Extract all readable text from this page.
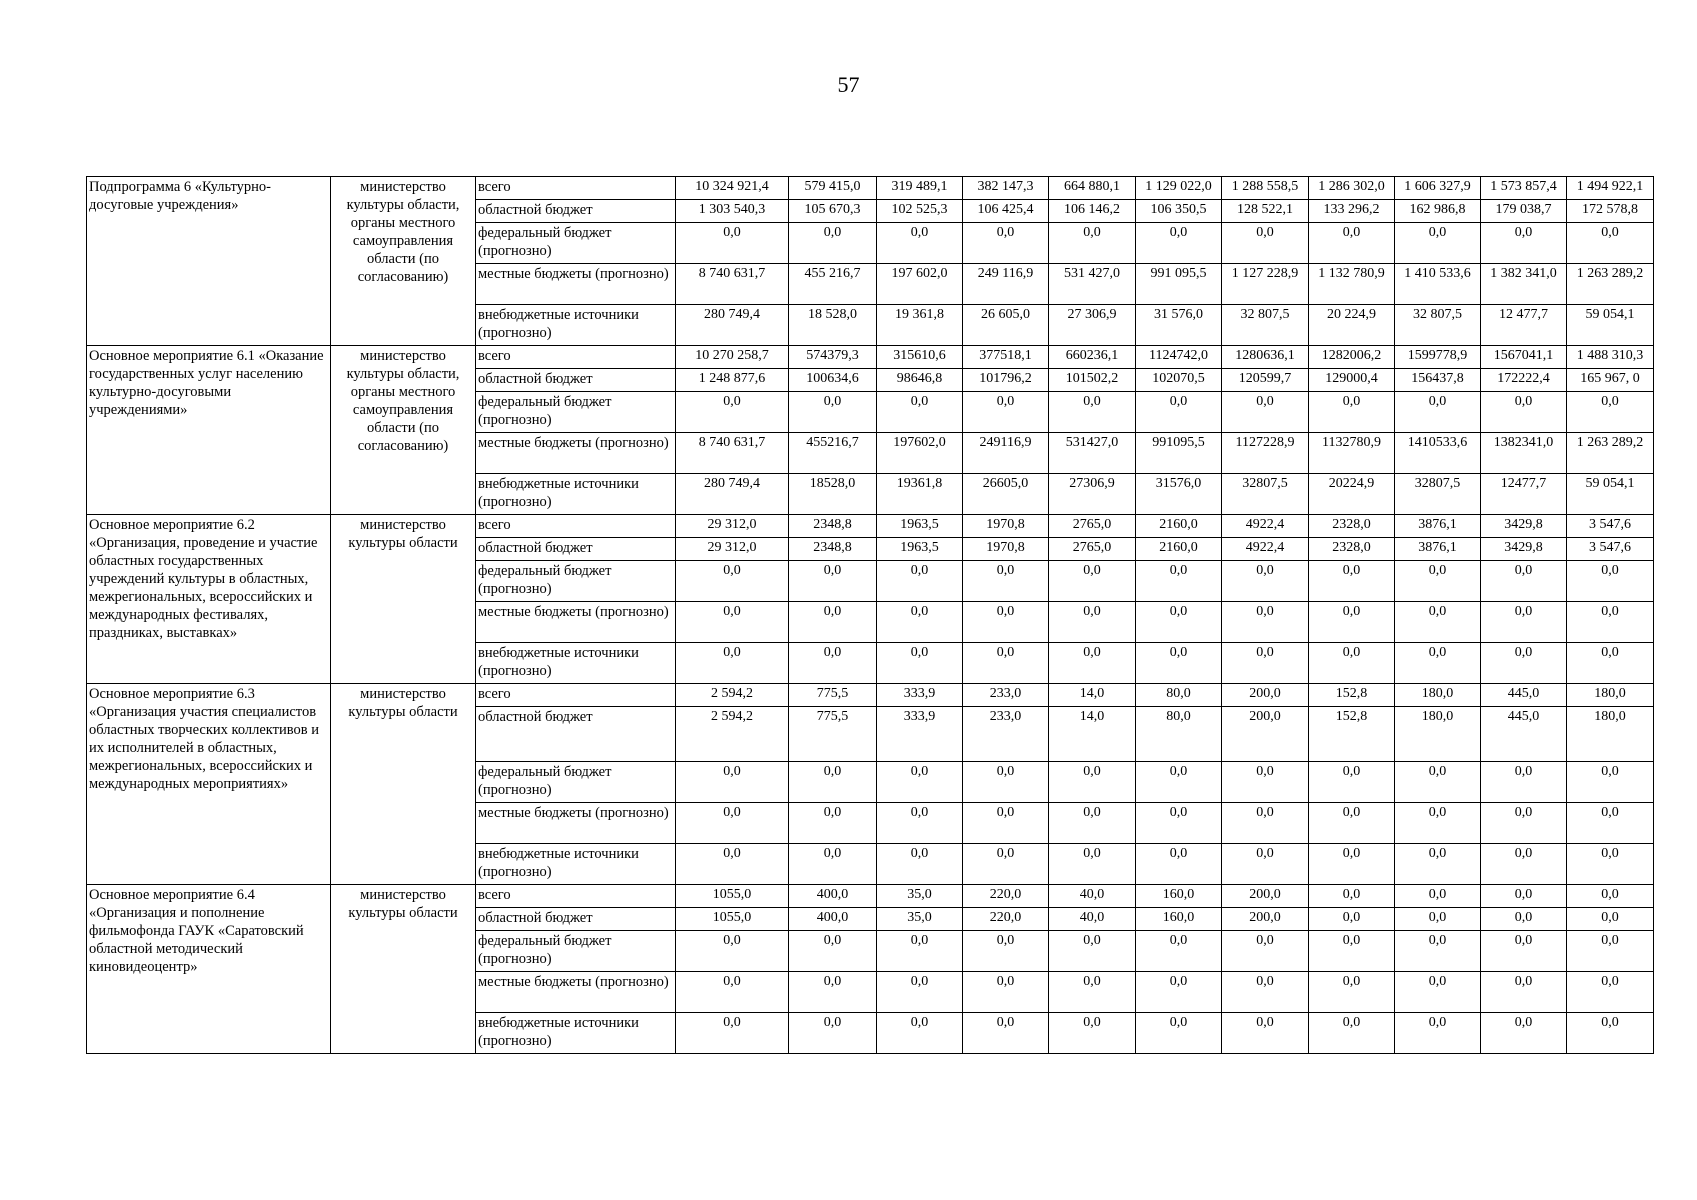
57
Подпрограмма 6 «Культурно-досуговые учреждения»	министерство культуры области, органы местного самоуправления области (по согласованию)	всего	10 324 921,4	579 415,0	319 489,1	382 147,3	664 880,1	1 129 022,0	1 288 558,5	1 286 302,0	1 606 327,9	1 573 857,4	1 494 922,1
		областной бюджет	1 303 540,3	105 670,3	102 525,3	106 425,4	106 146,2	106 350,5	128 522,1	133 296,2	162 986,8	179 038,7	172 578,8
		федеральный бюджет (прогнозно)	0,0	0,0	0,0	0,0	0,0	0,0	0,0	0,0	0,0	0,0	0,0
		местные бюджеты (прогнозно)	8 740 631,7	455 216,7	197 602,0	249 116,9	531 427,0	991 095,5	1 127 228,9	1 132 780,9	1 410 533,6	1 382 341,0	1 263 289,2
		внебюджетные источники (прогнозно)	280 749,4	18 528,0	19 361,8	26 605,0	27 306,9	31 576,0	32 807,5	20 224,9	32 807,5	12 477,7	59 054,1
Основное мероприятие 6.1 «Оказание государственных услуг населению культурно-досуговыми учреждениями»	министерство культуры области, органы местного самоуправления области (по согласованию)	всего	10 270 258,7	574379,3	315610,6	377518,1	660236,1	1124742,0	1280636,1	1282006,2	1599778,9	1567041,1	1 488 310,3
		областной бюджет	1 248 877,6	100634,6	98646,8	101796,2	101502,2	102070,5	120599,7	129000,4	156437,8	172222,4	165 967, 0
		федеральный бюджет (прогнозно)	0,0	0,0	0,0	0,0	0,0	0,0	0,0	0,0	0,0	0,0	0,0
		местные бюджеты (прогнозно)	8 740 631,7	455216,7	197602,0	249116,9	531427,0	991095,5	1127228,9	1132780,9	1410533,6	1382341,0	1 263 289,2
		внебюджетные источники (прогнозно)	280 749,4	18528,0	19361,8	26605,0	27306,9	31576,0	32807,5	20224,9	32807,5	12477,7	59 054,1
Основное мероприятие 6.2 «Организация, проведение и участие областных государственных учреждений культуры в областных, межрегиональных, всероссийских и международных фестивалях, праздниках, выставках»	министерство культуры области	всего	29 312,0	2348,8	1963,5	1970,8	2765,0	2160,0	4922,4	2328,0	3876,1	3429,8	3 547,6
		областной бюджет	29 312,0	2348,8	1963,5	1970,8	2765,0	2160,0	4922,4	2328,0	3876,1	3429,8	3 547,6
		федеральный бюджет (прогнозно)	0,0	0,0	0,0	0,0	0,0	0,0	0,0	0,0	0,0	0,0	0,0
		местные бюджеты (прогнозно)	0,0	0,0	0,0	0,0	0,0	0,0	0,0	0,0	0,0	0,0	0,0
		внебюджетные источники (прогнозно)	0,0	0,0	0,0	0,0	0,0	0,0	0,0	0,0	0,0	0,0	0,0
Основное мероприятие 6.3 «Организация участия специалистов областных творческих коллективов и их исполнителей в областных, межрегиональных, всероссийских и международных мероприятиях»	министерство культуры области	всего	2 594,2	775,5	333,9	233,0	14,0	80,0	200,0	152,8	180,0	445,0	180,0
		областной бюджет	2 594,2	775,5	333,9	233,0	14,0	80,0	200,0	152,8	180,0	445,0	180,0
		федеральный бюджет (прогнозно)	0,0	0,0	0,0	0,0	0,0	0,0	0,0	0,0	0,0	0,0	0,0
		местные бюджеты (прогнозно)	0,0	0,0	0,0	0,0	0,0	0,0	0,0	0,0	0,0	0,0	0,0
		внебюджетные источники (прогнозно)	0,0	0,0	0,0	0,0	0,0	0,0	0,0	0,0	0,0	0,0	0,0
Основное мероприятие 6.4 «Организация и пополнение фильмофонда ГАУК «Саратовский областной методический киновидеоцентр»	министерство культуры области	всего	1055,0	400,0	35,0	220,0	40,0	160,0	200,0	0,0	0,0	0,0	0,0
		областной бюджет	1055,0	400,0	35,0	220,0	40,0	160,0	200,0	0,0	0,0	0,0	0,0
		федеральный бюджет (прогнозно)	0,0	0,0	0,0	0,0	0,0	0,0	0,0	0,0	0,0	0,0	0,0
		местные бюджеты (прогнозно)	0,0	0,0	0,0	0,0	0,0	0,0	0,0	0,0	0,0	0,0	0,0
		внебюджетные источники (прогнозно)	0,0	0,0	0,0	0,0	0,0	0,0	0,0	0,0	0,0	0,0	0,0
